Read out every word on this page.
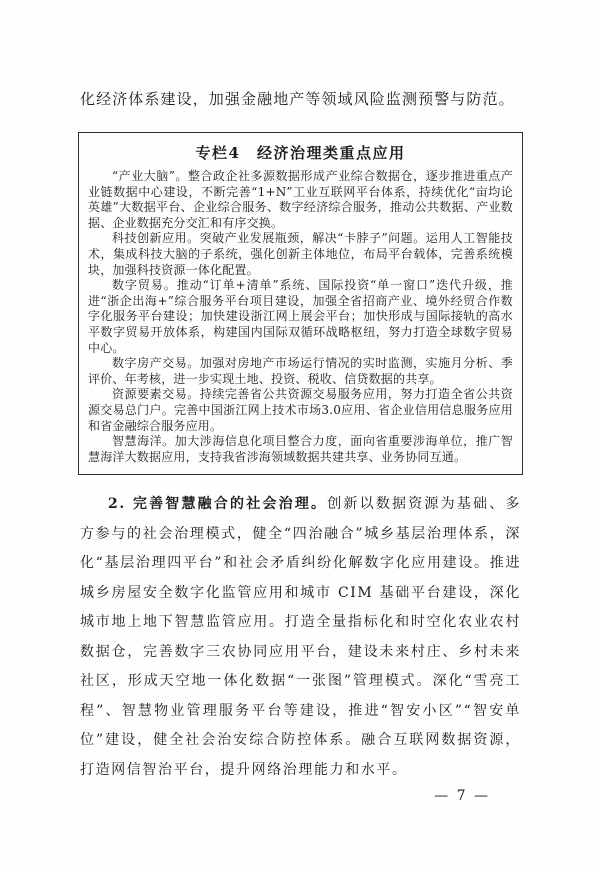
化经济体系建设，加强金融地产等领域风险监测预警与防范。

专栏4　经济治理类重点应用

“产业大脑”。整合政企社多源数据形成产业综合数据仓，逐步推进重点产业链数据中心建设，不断完善“1+N”工业互联网平台体系，持续优化“亩均论英雄”大数据平台、企业综合服务、数字经济综合服务，推动公共数据、产业数据、企业数据充分交汇和有序交换。

科技创新应用。突破产业发展瓶颈，解决“卡脖子”问题。运用人工智能技术，集成科技大脑的子系统，强化创新主体地位，布局平台载体，完善系统模块，加强科技资源一体化配置。

数字贸易。推动“订单+清单”系统、国际投资“单一窗口”迭代升级，推进“浙企出海+”综合服务平台项目建设，加强全省招商产业、境外经贸合作数字化服务平台建设；加快建设浙江网上展会平台；加快形成与国际接轨的高水平数字贸易开放体系，构建国内国际双循环战略枢纽，努力打造全球数字贸易中心。

数字房产交易。加强对房地产市场运行情况的实时监测，实施月分析、季评价、年考核，进一步实现土地、投资、税收、信贷数据的共享。

资源要素交易。持续完善省公共资源交易服务应用，努力打造全省公共资源交易总门户。完善中国浙江网上技术市场3.0应用、省企业信用信息服务应用和省金融综合服务应用。

智慧海洋。加大涉海信息化项目整合力度，面向省重要涉海单位，推广智慧海洋大数据应用，支持我省涉海领域数据共建共享、业务协同互通。

2. 完善智慧融合的社会治理。创新以数据资源为基础、多方参与的社会治理模式，健全“四治融合”城乡基层治理体系，深化“基层治理四平台”和社会矛盾纠纷化解数字化应用建设。推进城乡房屋安全数字化监管应用和城市 CIM 基础平台建设，深化城市地上地下智慧监管应用。打造全量指标化和时空化农业农村数据仓，完善数字三农协同应用平台，建设未来村庄、乡村未来社区，形成天空地一体化数据“一张图”管理模式。深化“雪亮工程”、智慧物业管理服务平台等建设，推进“智安小区”“智安单位”建设，健全社会治安综合防控体系。融合互联网数据资源，打造网信智治平台，提升网络治理能力和水平。

— 7 —
